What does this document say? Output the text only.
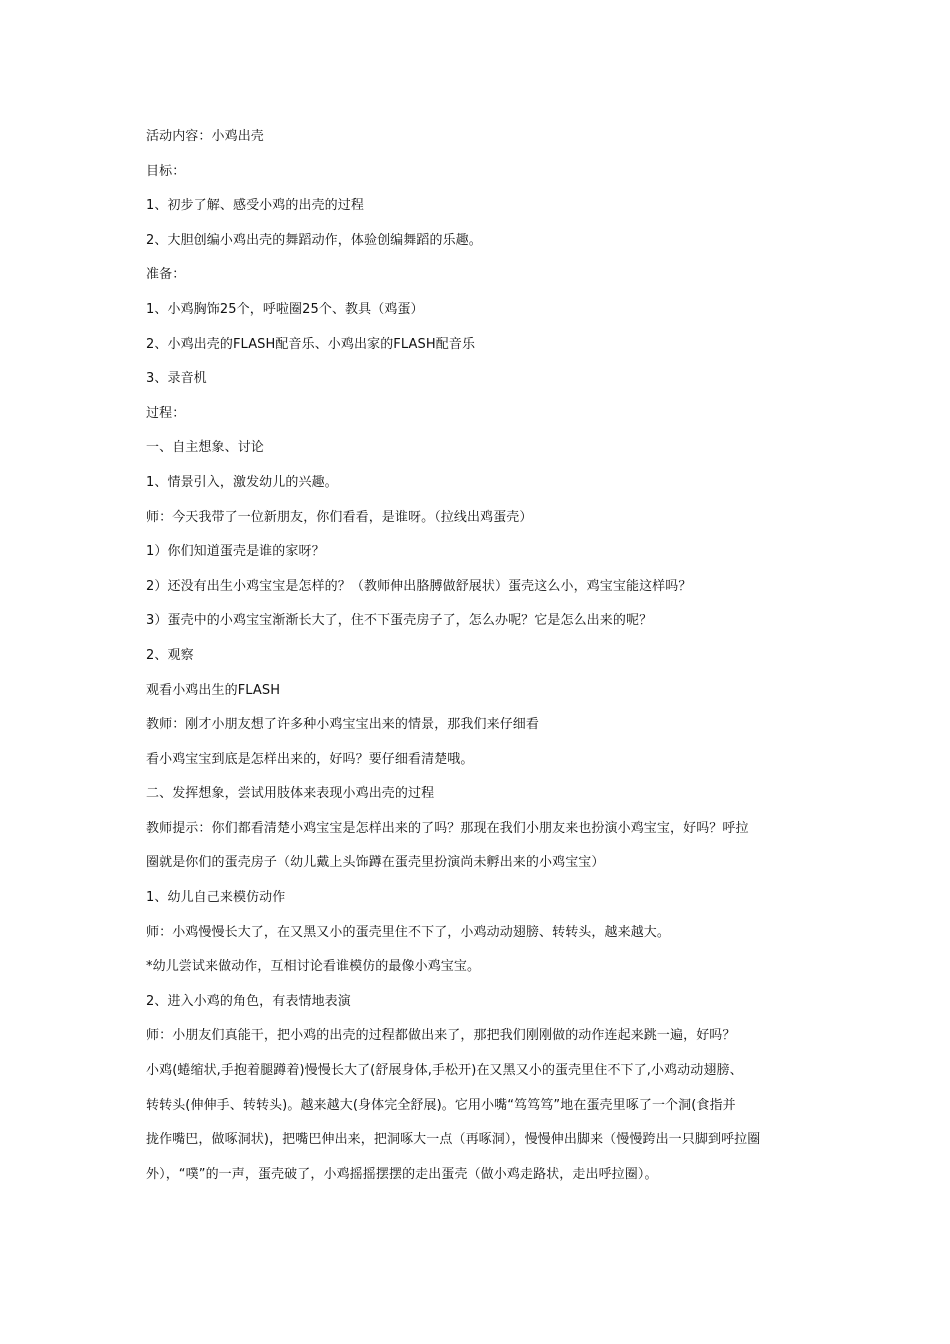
活动内容：小鸡出壳
目标：
1、初步了解、感受小鸡的出壳的过程
2、大胆创编小鸡出壳的舞蹈动作，体验创编舞蹈的乐趣。
准备：
1、小鸡胸饰25个，呼啦圈25个、教具（鸡蛋）
2、小鸡出壳的FLASH配音乐、小鸡出家的FLASH配音乐
3、录音机
过程：
一、自主想象、讨论
1、情景引入，激发幼儿的兴趣。
师：今天我带了一位新朋友，你们看看，是谁呀。（拉线出鸡蛋壳）
1）你们知道蛋壳是谁的家呀？
2）还没有出生小鸡宝宝是怎样的？（教师伸出胳膊做舒展状）蛋壳这么小，鸡宝宝能这样吗？
3）蛋壳中的小鸡宝宝渐渐长大了，住不下蛋壳房子了，怎么办呢？它是怎么出来的呢？
2、观察
观看小鸡出生的FLASH
教师：刚才小朋友想了许多种小鸡宝宝出来的情景，那我们来仔细看
看小鸡宝宝到底是怎样出来的，好吗？要仔细看清楚哦。
二、发挥想象，尝试用肢体来表现小鸡出壳的过程
教师提示：你们都看清楚小鸡宝宝是怎样出来的了吗？那现在我们小朋友来也扮演小鸡宝宝，好吗？呼拉
圈就是你们的蛋壳房子（幼儿戴上头饰蹲在蛋壳里扮演尚未孵出来的小鸡宝宝）
1、幼儿自己来模仿动作
师：小鸡慢慢长大了，在又黑又小的蛋壳里住不下了，小鸡动动翅膀、转转头，越来越大。
*幼儿尝试来做动作，互相讨论看谁模仿的最像小鸡宝宝。
2、进入小鸡的角色，有表情地表演
师：小朋友们真能干，把小鸡的出壳的过程都做出来了，那把我们刚刚做的动作连起来跳一遍，好吗？
小鸡(蜷缩状,手抱着腿蹲着)慢慢长大了(舒展身体,手松开)在又黑又小的蛋壳里住不下了,小鸡动动翅膀、
转转头(伸伸手、转转头)。越来越大(身体完全舒展)。它用小嘴“笃笃笃”地在蛋壳里啄了一个洞(食指并
拢作嘴巴，做啄洞状)，把嘴巴伸出来，把洞啄大一点（再啄洞），慢慢伸出脚来（慢慢跨出一只脚到呼拉圈
外），“噗”的一声，蛋壳破了，小鸡摇摇摆摆的走出蛋壳（做小鸡走路状，走出呼拉圈）。
